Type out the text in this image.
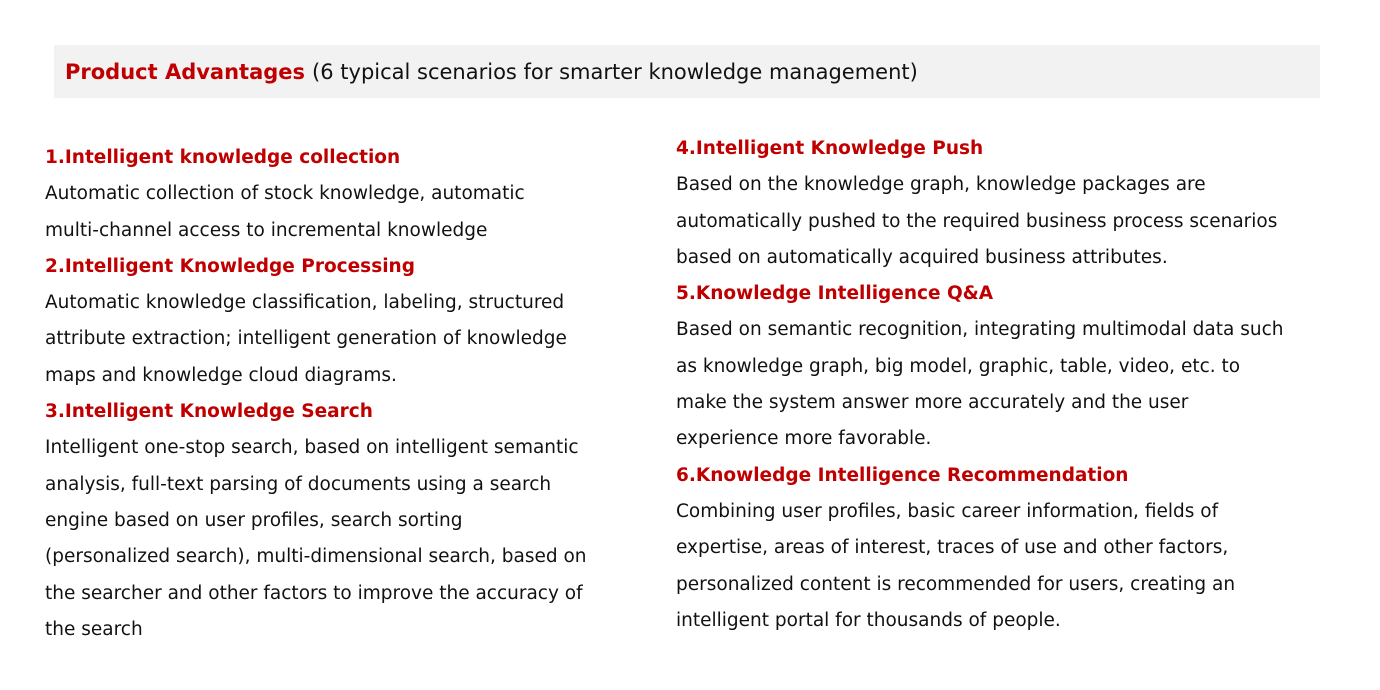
Product Advantages (6 typical scenarios for smarter knowledge management)
1.Intelligent knowledge collection
Automatic collection of stock knowledge, automatic
multi-channel access to incremental knowledge
2.Intelligent Knowledge Processing
Automatic knowledge classification, labeling, structured
attribute extraction; intelligent generation of knowledge
maps and knowledge cloud diagrams.
3.Intelligent Knowledge Search
Intelligent one-stop search, based on intelligent semantic
analysis, full-text parsing of documents using a search
engine based on user profiles, search sorting
(personalized search), multi-dimensional search, based on
the searcher and other factors to improve the accuracy of
the search
4.Intelligent Knowledge Push
Based on the knowledge graph, knowledge packages are
automatically pushed to the required business process scenarios
based on automatically acquired business attributes.
5.Knowledge Intelligence Q&A
Based on semantic recognition, integrating multimodal data such
as knowledge graph, big model, graphic, table, video, etc. to
make the system answer more accurately and the user
experience more favorable.
6.Knowledge Intelligence Recommendation
Combining user profiles, basic career information, fields of
expertise, areas of interest, traces of use and other factors,
personalized content is recommended for users, creating an
intelligent portal for thousands of people.
